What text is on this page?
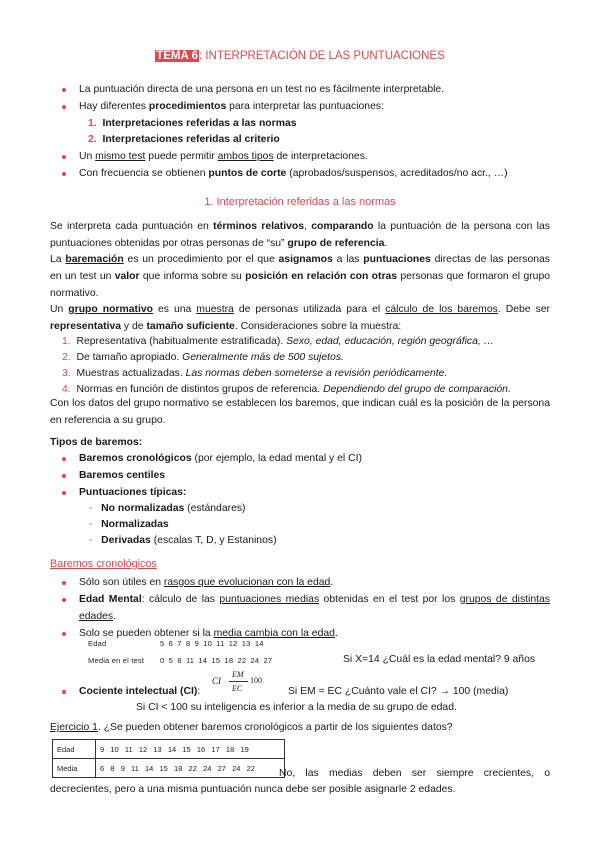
TEMA 6: INTERPRETACIÓN DE LAS PUNTUACIONES
La puntuación directa de una persona en un test no es fácilmente interpretable.
Hay diferentes procedimientos para interpretar las puntuaciones:
1. Interpretaciones referidas a las normas
2. Interpretaciones referidas al criterio
Un mismo test puede permitir ambos tipos de interpretaciones.
Con frecuencia se obtienen puntos de corte (aprobados/suspensos, acreditados/no acr., …)
1. Interpretación referidas a las normas
Se interpreta cada puntuación en términos relativos, comparando la puntuación de la persona con las puntuaciones obtenidas por otras personas de “su” grupo de referencia.
La baremación es un procedimiento por el que asignamos a las puntuaciones directas de las personas en un test un valor que informa sobre su posición en relación con otras personas que formaron el grupo normativo.
Un grupo normativo es una muestra de personas utilizada para el cálculo de los baremos. Debe ser representativa y de tamaño suficiente. Consideraciones sobre la muestra:
1. Representativa (habitualmente estratificada). Sexo, edad, educación, región geográfica, …
2. De tamaño apropiado. Generalmente más de 500 sujetos.
3. Muestras actualizadas. Las normas deben someterse a revisión periódicamente.
4. Normas en función de distintos grupos de referencia. Dependiendo del grupo de comparación.
Con los datos del grupo normativo se establecen los baremos, que indican cuál es la posición de la persona en referencia a su grupo.
Tipos de baremos:
Baremos cronológicos (por ejemplo, la edad mental y el CI)
Baremos centiles
Puntuaciones típicas:
- No normalizadas (estándares)
- Normalizadas
- Derivadas (escalas T, D, y Estaninos)
Baremos cronológicos
Sólo son útiles en rasgos que evolucionan con la edad.
Edad Mental: cálculo de las puntuaciones medias obtenidas en el test por los grupos de distintas edades.
Solo se pueden obtener si la media cambia con la edad.
Edad	5 6 7 8 9 10 11 12 13 14
Media en el test 0 5 8 11 14 15 18 22 24 27	Si X=14 ¿Cuál es la edad mental? 9 años
Cociente intelectual (CI):
CI
EM
EC
100
Si EM = EC ¿Cuánto vale el CI? → 100 (media)
Si CI < 100 su inteligencia es inferior a la media de su grupo de edad.
Ejercicio 1. ¿Se pueden obtener baremos cronológicos a partir de los siguientes datos?
Edad	9 10 11 12 13 14 15 16 17 18 19
Media	6 8 9 11 14 15 18 22 24 27 24 22 No, las medias deben ser siempre crecientes, o
decrecientes, pero a una misma puntuación nunca debe ser posible asignarle 2 edades.
